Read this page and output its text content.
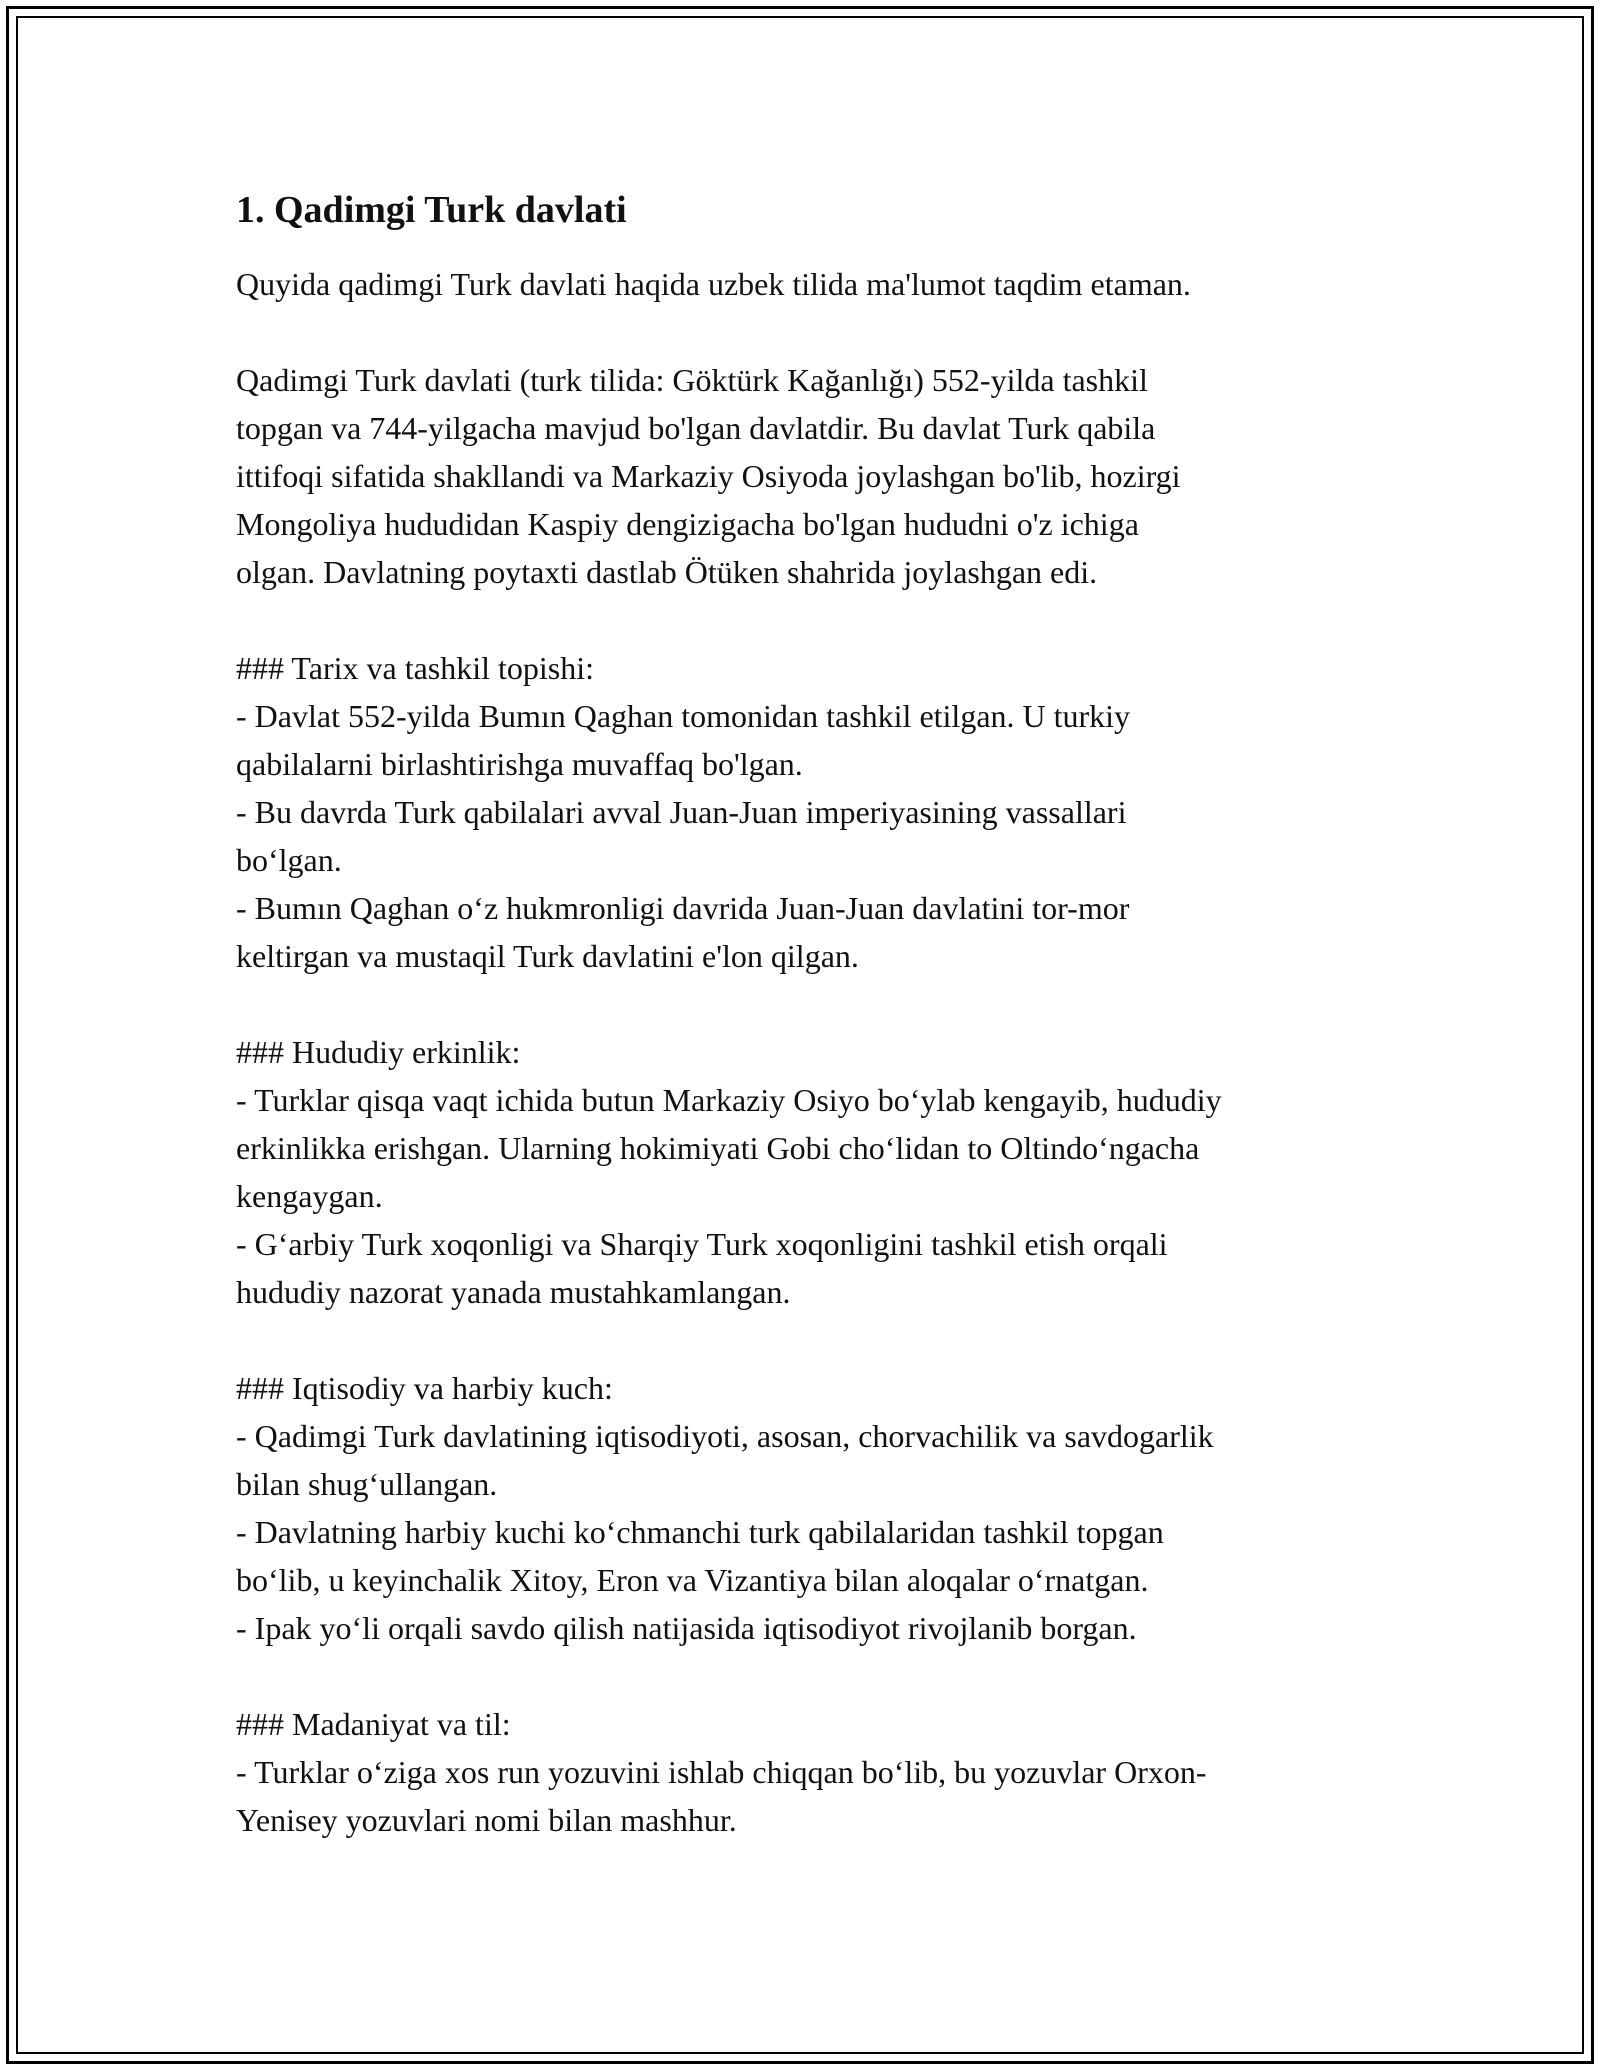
1. Qadimgi Turk davlati

Quyida qadimgi Turk davlati haqida uzbek tilida ma'lumot taqdim etaman.

Qadimgi Turk davlati (turk tilida: Göktürk Kağanlığı) 552-yilda tashkil
topgan va 744-yilgacha mavjud bo'lgan davlatdir. Bu davlat Turk qabila
ittifoqi sifatida shakllandi va Markaziy Osiyoda joylashgan bo'lib, hozirgi
Mongoliya hududidan Kaspiy dengizigacha bo'lgan hududni o'z ichiga
olgan. Davlatning poytaxti dastlab Ötüken shahrida joylashgan edi.
### Tarix va tashkil topishi:
- Davlat 552-yilda Bumın Qaghan tomonidan tashkil etilgan. U turkiy
qabilalarni birlashtirishga muvaffaq bo'lgan.
- Bu davrda Turk qabilalari avval Juan-Juan imperiyasining vassallari
bo‘lgan.
- Bumın Qaghan o‘z hukmronligi davrida Juan-Juan davlatini tor-mor
keltirgan va mustaqil Turk davlatini e'lon qilgan.
### Hududiy erkinlik:
- Turklar qisqa vaqt ichida butun Markaziy Osiyo bo‘ylab kengayib, hududiy
erkinlikka erishgan. Ularning hokimiyati Gobi cho‘lidan to Oltindo‘ngacha
kengaygan.
- G‘arbiy Turk xoqonligi va Sharqiy Turk xoqonligini tashkil etish orqali
hududiy nazorat yanada mustahkamlangan.
### Iqtisodiy va harbiy kuch:
- Qadimgi Turk davlatining iqtisodiyoti, asosan, chorvachilik va savdogarlik
bilan shug‘ullangan.
- Davlatning harbiy kuchi ko‘chmanchi turk qabilalaridan tashkil topgan
bo‘lib, u keyinchalik Xitoy, Eron va Vizantiya bilan aloqalar o‘rnatgan.
- Ipak yo‘li orqali savdo qilish natijasida iqtisodiyot rivojlanib borgan.
### Madaniyat va til:
- Turklar o‘ziga xos run yozuvini ishlab chiqqan bo‘lib, bu yozuvlar Orxon-
Yenisey yozuvlari nomi bilan mashhur.
